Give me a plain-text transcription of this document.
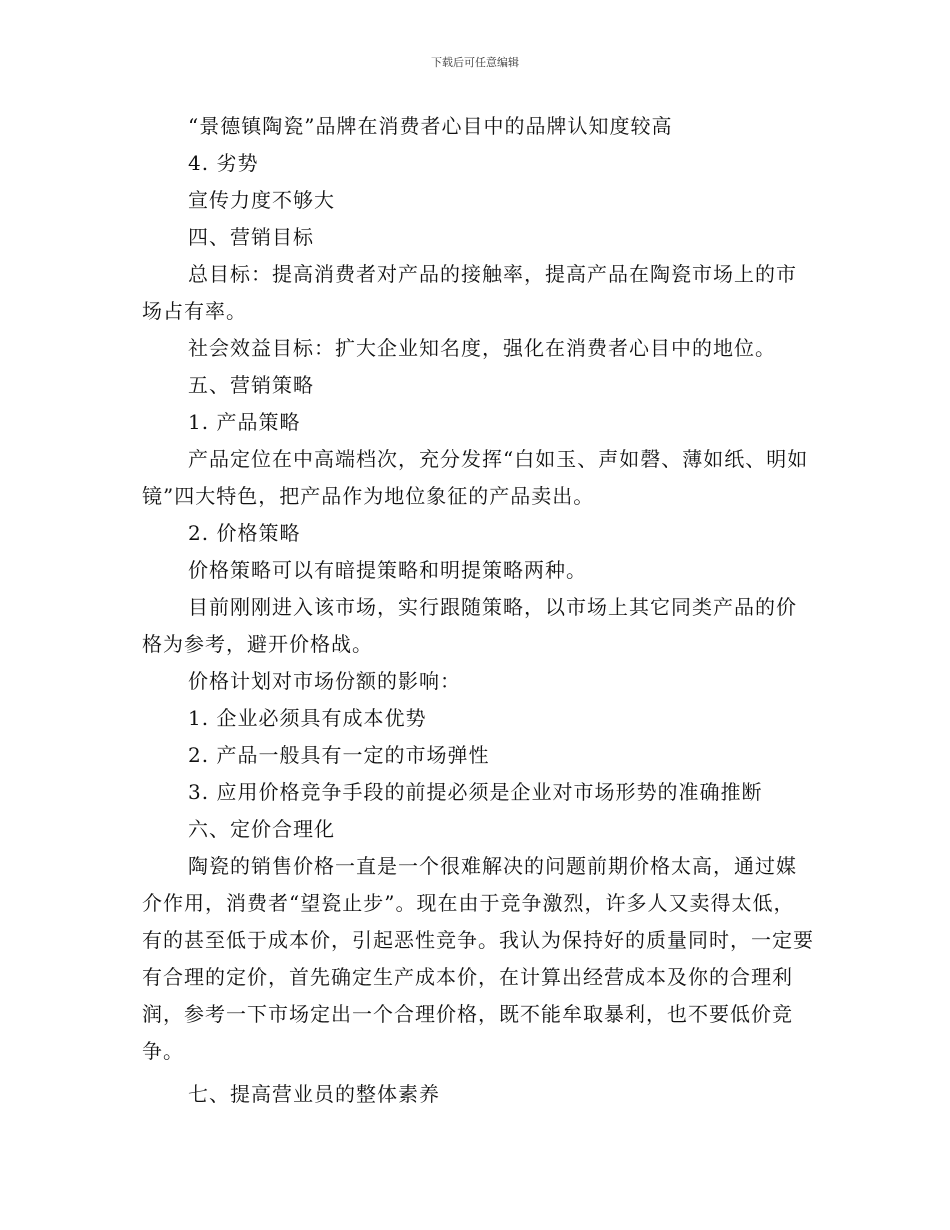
下载后可任意编辑

“景德镇陶瓷”品牌在消费者心目中的品牌认知度较高

4. 劣势

宣传力度不够大

四、营销目标

总目标：提高消费者对产品的接触率，提高产品在陶瓷市场上的市场占有率。

社会效益目标：扩大企业知名度，强化在消费者心目中的地位。

五、营销策略

1. 产品策略

产品定位在中高端档次，充分发挥“白如玉、声如磬、薄如纸、明如镜”四大特色，把产品作为地位象征的产品卖出。

2. 价格策略

价格策略可以有暗提策略和明提策略两种。

目前刚刚进入该市场，实行跟随策略，以市场上其它同类产品的价格为参考，避开价格战。

价格计划对市场份额的影响：

1. 企业必须具有成本优势

2. 产品一般具有一定的市场弹性

3. 应用价格竞争手段的前提必须是企业对市场形势的准确推断

六、定价合理化

陶瓷的销售价格一直是一个很难解决的问题前期价格太高，通过媒介作用，消费者“望瓷止步”。现在由于竞争激烈，许多人又卖得太低，有的甚至低于成本价，引起恶性竞争。我认为保持好的质量同时，一定要有合理的定价，首先确定生产成本价，在计算出经营成本及你的合理利润，参考一下市场定出一个合理价格，既不能牟取暴利，也不要低价竞争。

七、提高营业员的整体素养
